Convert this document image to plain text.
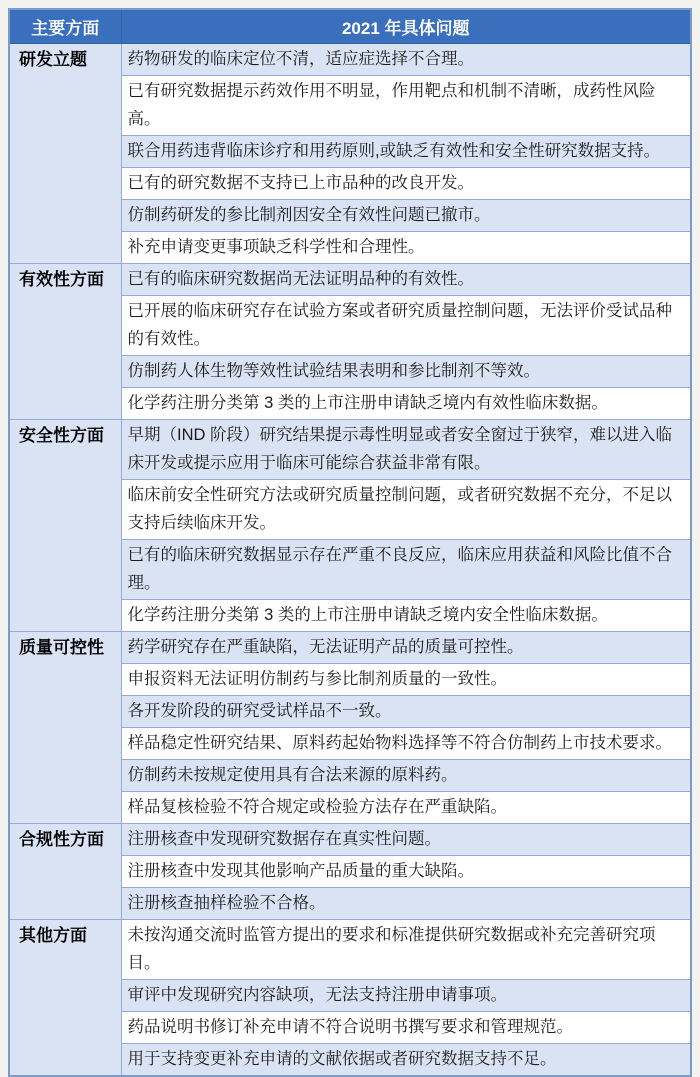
主要方面	2021 年具体问题
研发立题	药物研发的临床定位不清，适应症选择不合理。
	已有研究数据提示药效作用不明显，作用靶点和机制不清晰，成药性风险高。
	联合用药违背临床诊疗和用药原则,或缺乏有效性和安全性研究数据支持。
	已有的研究数据不支持已上市品种的改良开发。
	仿制药研发的参比制剂因安全有效性问题已撤市。
	补充申请变更事项缺乏科学性和合理性。
有效性方面	已有的临床研究数据尚无法证明品种的有效性。
	已开展的临床研究存在试验方案或者研究质量控制问题，无法评价受试品种的有效性。
	仿制药人体生物等效性试验结果表明和参比制剂不等效。
	化学药注册分类第 3 类的上市注册申请缺乏境内有效性临床数据。
安全性方面	早期（IND 阶段）研究结果提示毒性明显或者安全窗过于狭窄，难以进入临床开发或提示应用于临床可能综合获益非常有限。
	临床前安全性研究方法或研究质量控制问题，或者研究数据不充分，不足以支持后续临床开发。
	已有的临床研究数据显示存在严重不良反应，临床应用获益和风险比值不合理。
	化学药注册分类第 3 类的上市注册申请缺乏境内安全性临床数据。
质量可控性	药学研究存在严重缺陷，无法证明产品的质量可控性。
	申报资料无法证明仿制药与参比制剂质量的一致性。
	各开发阶段的研究受试样品不一致。
	样品稳定性研究结果、原料药起始物料选择等不符合仿制药上市技术要求。
	仿制药未按规定使用具有合法来源的原料药。
	样品复核检验不符合规定或检验方法存在严重缺陷。
合规性方面	注册核查中发现研究数据存在真实性问题。
	注册核查中发现其他影响产品质量的重大缺陷。
	注册核查抽样检验不合格。
其他方面	未按沟通交流时监管方提出的要求和标准提供研究数据或补充完善研究项目。
	审评中发现研究内容缺项，无法支持注册申请事项。
	药品说明书修订补充申请不符合说明书撰写要求和管理规范。
	用于支持变更补充申请的文献依据或者研究数据支持不足。
